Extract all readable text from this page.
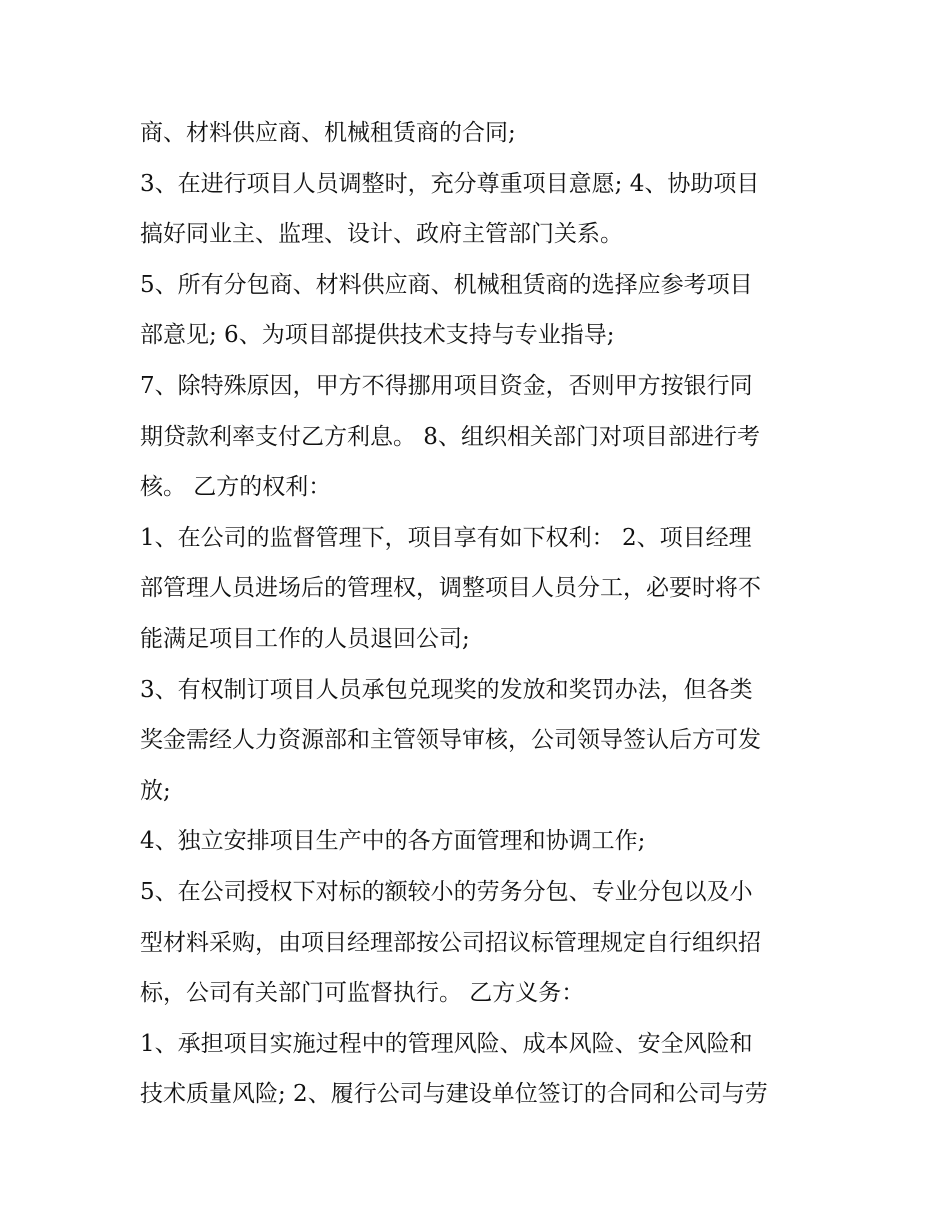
商、材料供应商、机械租赁商的合同;
3、在进行项目人员调整时，充分尊重项目意愿; 4、协助项目
搞好同业主、监理、设计、政府主管部门关系。
5、所有分包商、材料供应商、机械租赁商的选择应参考项目
部意见; 6、为项目部提供技术支持与专业指导;
7、除特殊原因，甲方不得挪用项目资金，否则甲方按银行同
期贷款利率支付乙方利息。 8、组织相关部门对项目部进行考
核。 乙方的权利：
1、在公司的监督管理下，项目享有如下权利： 2、项目经理
部管理人员进场后的管理权，调整项目人员分工，必要时将不
能满足项目工作的人员退回公司;
3、有权制订项目人员承包兑现奖的发放和奖罚办法，但各类
奖金需经人力资源部和主管领导审核，公司领导签认后方可发
放;
4、独立安排项目生产中的各方面管理和协调工作;
5、在公司授权下对标的额较小的劳务分包、专业分包以及小
型材料采购，由项目经理部按公司招议标管理规定自行组织招
标，公司有关部门可监督执行。 乙方义务：
1、承担项目实施过程中的管理风险、成本风险、安全风险和
技术质量风险; 2、履行公司与建设单位签订的合同和公司与劳
